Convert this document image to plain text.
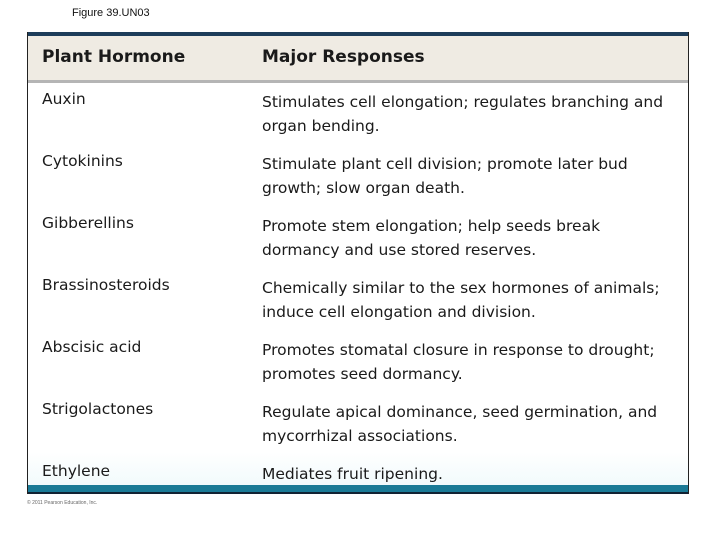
Figure 39.UN03
Plant Hormone	Major Responses
Auxin	Stimulates cell elongation; regulates branching and organ bending.
Cytokinins	Stimulate plant cell division; promote later bud growth; slow organ death.
Gibberellins	Promote stem elongation; help seeds break dormancy and use stored reserves.
Brassinosteroids	Chemically similar to the sex hormones of animals; induce cell elongation and division.
Abscisic acid	Promotes stomatal closure in response to drought; promotes seed dormancy.
Strigolactones	Regulate apical dominance, seed germination, and mycorrhizal associations.
Ethylene	Mediates fruit ripening.
© 2011 Pearson Education, Inc.
